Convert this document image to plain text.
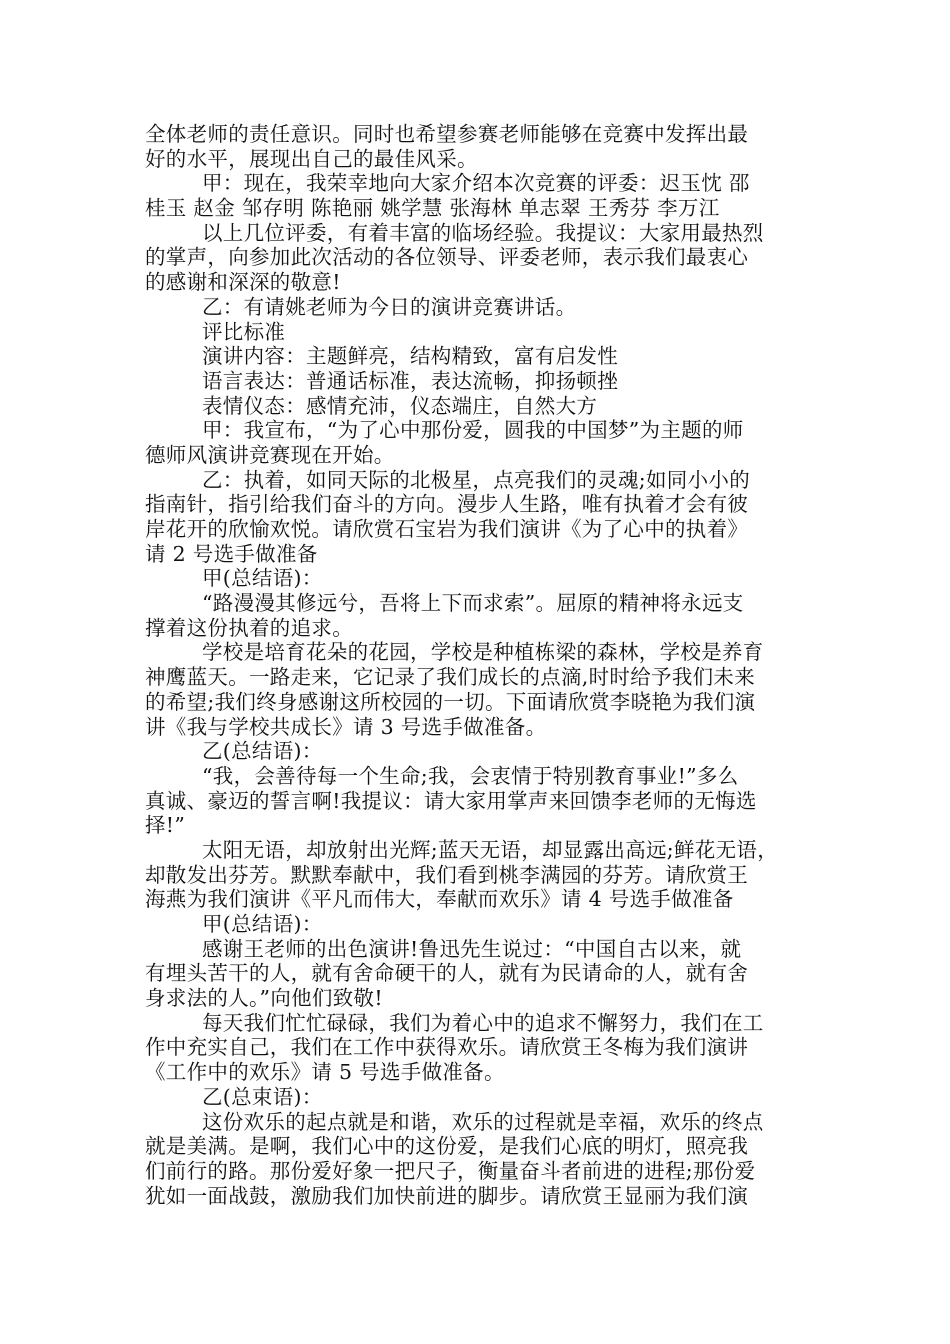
全体老师的责任意识。同时也希望参赛老师能够在竞赛中发挥出最
好的水平，展现出自己的最佳风采。
甲：现在，我荣幸地向大家介绍本次竞赛的评委：迟玉忱 邵
桂玉 赵金 邹存明 陈艳丽 姚学慧 张海林 单志翠 王秀芬 李万江
以上几位评委，有着丰富的临场经验。我提议：大家用最热烈
的掌声，向参加此次活动的各位领导、评委老师，表示我们最衷心
的感谢和深深的敬意!
乙：有请姚老师为今日的演讲竞赛讲话。
评比标准
演讲内容：主题鲜亮，结构精致，富有启发性
语言表达：普通话标准，表达流畅，抑扬顿挫
表情仪态：感情充沛，仪态端庄，自然大方
甲：我宣布，“为了心中那份爱，圆我的中国梦”为主题的师
德师风演讲竞赛现在开始。
乙：执着，如同天际的北极星，点亮我们的灵魂;如同小小的
指南针，指引给我们奋斗的方向。漫步人生路，唯有执着才会有彼
岸花开的欣愉欢悦。请欣赏石宝岩为我们演讲《为了心中的执着》
请 2 号选手做准备
甲(总结语)：
“路漫漫其修远兮，吾将上下而求索”。屈原的精神将永远支
撑着这份执着的追求。
学校是培育花朵的花园，学校是种植栋梁的森林，学校是养育
神鹰蓝天。一路走来，它记录了我们成长的点滴,时时给予我们未来
的希望;我们终身感谢这所校园的一切。下面请欣赏李晓艳为我们演
讲《我与学校共成长》请 3 号选手做准备。
乙(总结语)：
“我，会善待每一个生命;我，会衷情于特别教育事业!”多么
真诚、豪迈的誓言啊!我提议：请大家用掌声来回馈李老师的无悔选
择!”
太阳无语，却放射出光辉;蓝天无语，却显露出高远;鲜花无语，
却散发出芬芳。默默奉献中，我们看到桃李满园的芬芳。请欣赏王
海燕为我们演讲《平凡而伟大，奉献而欢乐》请 4 号选手做准备
甲(总结语)：
感谢王老师的出色演讲!鲁迅先生说过：“中国自古以来，就
有埋头苦干的人，就有舍命硬干的人，就有为民请命的人，就有舍
身求法的人。”向他们致敬!
每天我们忙忙碌碌，我们为着心中的追求不懈努力，我们在工
作中充实自己，我们在工作中获得欢乐。请欣赏王冬梅为我们演讲
《工作中的欢乐》请 5 号选手做准备。
乙(总束语)：
这份欢乐的起点就是和谐，欢乐的过程就是幸福，欢乐的终点
就是美满。是啊，我们心中的这份爱，是我们心底的明灯，照亮我
们前行的路。那份爱好象一把尺子，衡量奋斗者前进的进程;那份爱
犹如一面战鼓，激励我们加快前进的脚步。请欣赏王显丽为我们演
